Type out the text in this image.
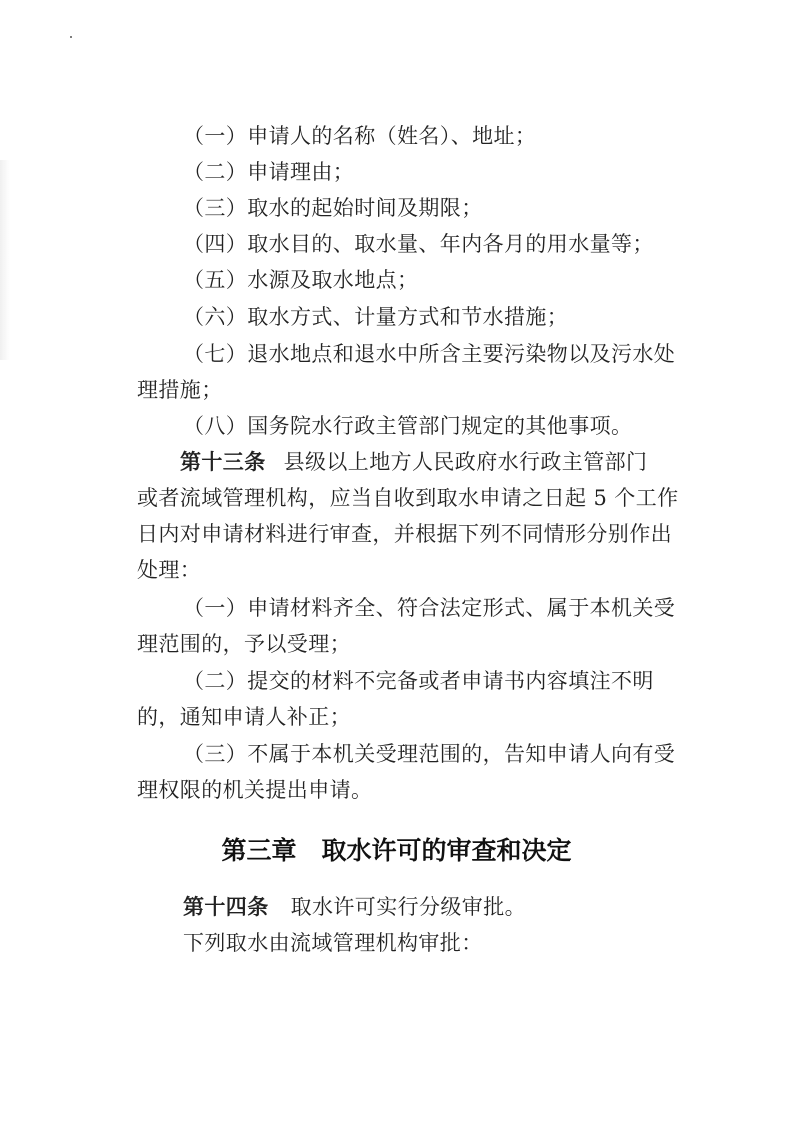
（一）申请人的名称（姓名）、地址；
（二）申请理由；
（三）取水的起始时间及期限；
（四）取水目的、取水量、年内各月的用水量等；
（五）水源及取水地点；
（六）取水方式、计量方式和节水措施；
（七）退水地点和退水中所含主要污染物以及污水处
理措施；
（八）国务院水行政主管部门规定的其他事项。
第十三条 县级以上地方人民政府水行政主管部门
或者流域管理机构，应当自收到取水申请之日起 5 个工作
日内对申请材料进行审查，并根据下列不同情形分别作出
处理：
（一）申请材料齐全、符合法定形式、属于本机关受
理范围的，予以受理；
（二）提交的材料不完备或者申请书内容填注不明
的，通知申请人补正；
（三）不属于本机关受理范围的，告知申请人向有受
理权限的机关提出申请。
第三章　取水许可的审查和决定
第十四条 取水许可实行分级审批。
下列取水由流域管理机构审批：
